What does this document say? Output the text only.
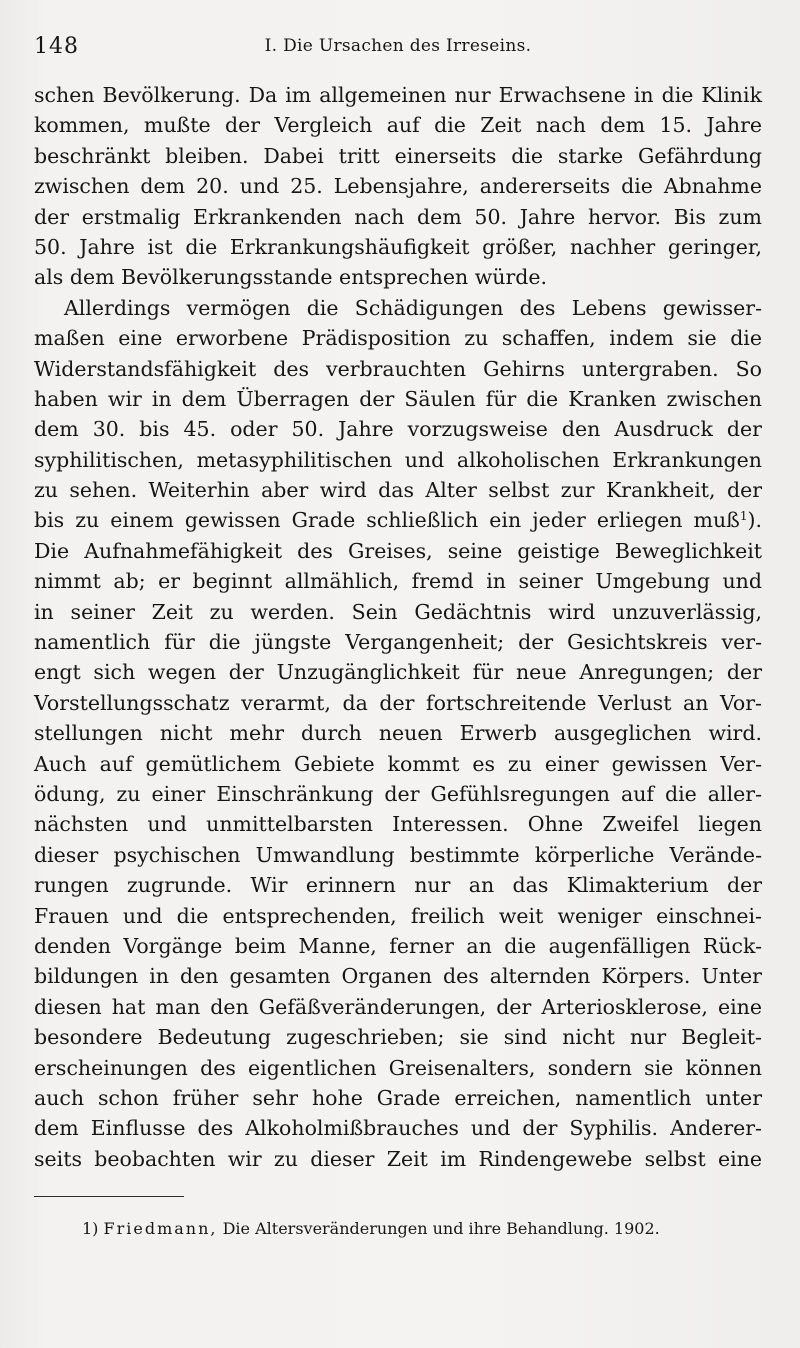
148	I. Die Ursachen des Irreseins.
schen Bevölkerung. Da im allgemeinen nur Erwachsene in die Klinik
kommen, mußte der Vergleich auf die Zeit nach dem 15. Jahre
beschränkt bleiben. Dabei tritt einerseits die starke Gefährdung
zwischen dem 20. und 25. Lebensjahre, andererseits die Abnahme
der erstmalig Erkrankenden nach dem 50. Jahre hervor. Bis zum
50. Jahre ist die Erkrankungshäufigkeit größer, nachher geringer,
als dem Bevölkerungsstande entsprechen würde.
Allerdings vermögen die Schädigungen des Lebens gewisser-
maßen eine erworbene Prädisposition zu schaffen, indem sie die
Widerstandsfähigkeit des verbrauchten Gehirns untergraben. So
haben wir in dem Überragen der Säulen für die Kranken zwischen
dem 30. bis 45. oder 50. Jahre vorzugsweise den Ausdruck der
syphilitischen, metasyphilitischen und alkoholischen Erkrankungen
zu sehen. Weiterhin aber wird das Alter selbst zur Krankheit, der
bis zu einem gewissen Grade schließlich ein jeder erliegen muß$^1$).
Die Aufnahmefähigkeit des Greises, seine geistige Beweglichkeit
nimmt ab; er beginnt allmählich, fremd in seiner Umgebung und
in seiner Zeit zu werden. Sein Gedächtnis wird unzuverlässig,
namentlich für die jüngste Vergangenheit; der Gesichtskreis ver-
engt sich wegen der Unzugänglichkeit für neue Anregungen; der
Vorstellungsschatz verarmt, da der fortschreitende Verlust an Vor-
stellungen nicht mehr durch neuen Erwerb ausgeglichen wird.
Auch auf gemütlichem Gebiete kommt es zu einer gewissen Ver-
ödung, zu einer Einschränkung der Gefühlsregungen auf die aller-
nächsten und unmittelbarsten Interessen. Ohne Zweifel liegen
dieser psychischen Umwandlung bestimmte körperliche Verände-
rungen zugrunde. Wir erinnern nur an das Klimakterium der
Frauen und die entsprechenden, freilich weit weniger einschnei-
denden Vorgänge beim Manne, ferner an die augenfälligen Rück-
bildungen in den gesamten Organen des alternden Körpers. Unter
diesen hat man den Gefäßveränderungen, der Arteriosklerose, eine
besondere Bedeutung zugeschrieben; sie sind nicht nur Begleit-
erscheinungen des eigentlichen Greisenalters, sondern sie können
auch schon früher sehr hohe Grade erreichen, namentlich unter
dem Einflusse des Alkoholmißbrauches und der Syphilis. Anderer-
seits beobachten wir zu dieser Zeit im Rindengewebe selbst eine
1) Friedmann, Die Altersveränderungen und ihre Behandlung. 1902.
